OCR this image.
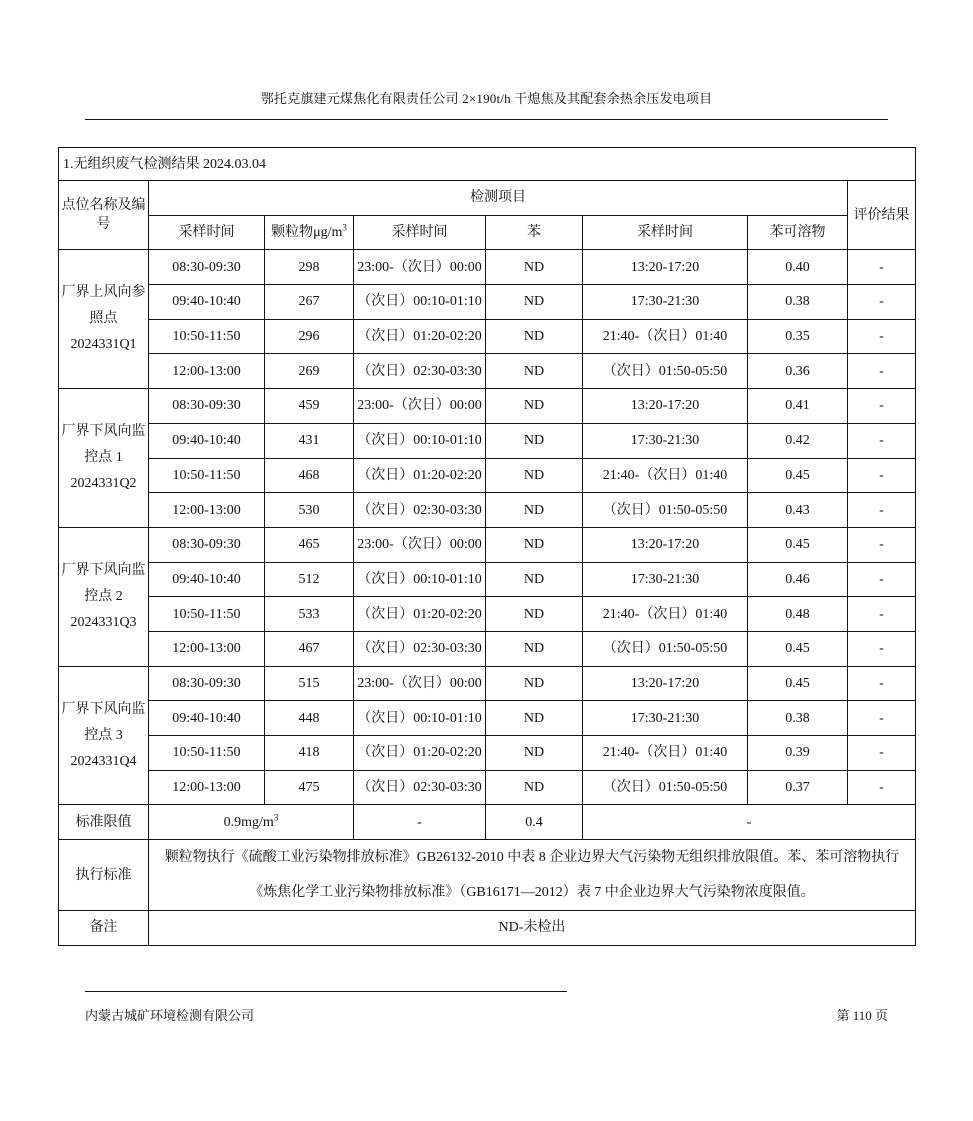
鄂托克旗建元煤焦化有限责任公司 2×190t/h 干熄焦及其配套余热余压发电项目
1.无组织废气检测结果 2024.03.04							
点位名称及编号	检测项目						评价结果
	采样时间	颗粒物$\mu g/m^3$	采样时间	苯	采样时间	苯可溶物	
厂界上风向参照点2024331Q1	08:30-09:30	298	23:00-（次日）00:00	ND	13:20-17:20	0.40	-
	09:40-10:40	267	（次日）00:10-01:10	ND	17:30-21:30	0.38	-
	10:50-11:50	296	（次日）01:20-02:20	ND	21:40-（次日）01:40	0.35	-
	12:00-13:00	269	（次日）02:30-03:30	ND	（次日）01:50-05:50	0.36	-
厂界下风向监控点 1 2024331Q2	08:30-09:30	459	23:00-（次日）00:00	ND	13:20-17:20	0.41	-
	09:40-10:40	431	（次日）00:10-01:10	ND	17:30-21:30	0.42	-
	10:50-11:50	468	（次日）01:20-02:20	ND	21:40-（次日）01:40	0.45	-
	12:00-13:00	530	（次日）02:30-03:30	ND	（次日）01:50-05:50	0.43	-
厂界下风向监控点 2 2024331Q3	08:30-09:30	465	23:00-（次日）00:00	ND	13:20-17:20	0.45	-
	09:40-10:40	512	（次日）00:10-01:10	ND	17:30-21:30	0.46	-
	10:50-11:50	533	（次日）01:20-02:20	ND	21:40-（次日）01:40	0.48	-
	12:00-13:00	467	（次日）02:30-03:30	ND	（次日）01:50-05:50	0.45	-
厂界下风向监控点 3 2024331Q4	08:30-09:30	515	23:00-（次日）00:00	ND	13:20-17:20	0.45	-
	09:40-10:40	448	（次日）00:10-01:10	ND	17:30-21:30	0.38	-
	10:50-11:50	418	（次日）01:20-02:20	ND	21:40-（次日）01:40	0.39	-
	12:00-13:00	475	（次日）02:30-03:30	ND	（次日）01:50-05:50	0.37	-
标准限值	$0.9mg/m^3$		-	0.4	-		
执行标准	颗粒物执行《硫酸工业污染物排放标准》GB26132-2010 中表 8 企业边界大气污染物无组织排放限值。苯、苯可溶物执行《炼焦化学工业污染物排放标准》（GB16171—2012）表 7 中企业边界大气污染物浓度限值。						
备注	ND-未检出						
内蒙古城矿环境检测有限公司	第 110 页
